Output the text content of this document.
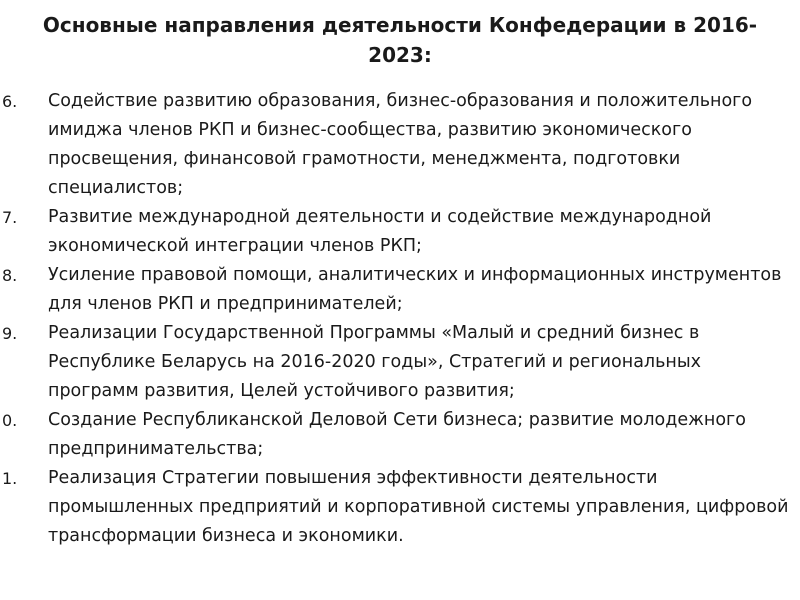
Основные направления деятельности Конфедерации в 2016-2023:
6.	Содействие развитию образования, бизнес-образования и положительного имиджа членов РКП и бизнес-сообщества, развитию экономического просвещения, финансовой грамотности, менеджмента, подготовки специалистов;
7.	Развитие международной деятельности и содействие международной экономической интеграции членов РКП;
8.	Усиление правовой помощи, аналитических и информационных инструментов для членов РКП и предпринимателей;
9.	Реализации Государственной Программы «Малый и средний бизнес в Республике Беларусь на 2016-2020 годы», Стратегий и региональных программ развития, Целей устойчивого развития;
0.	Создание Республиканской Деловой Сети бизнеса; развитие молодежного предпринимательства;
1.	Реализация Стратегии повышения эффективности деятельности промышленных предприятий и корпоративной системы управления, цифровой трансформации бизнеса и экономики.
